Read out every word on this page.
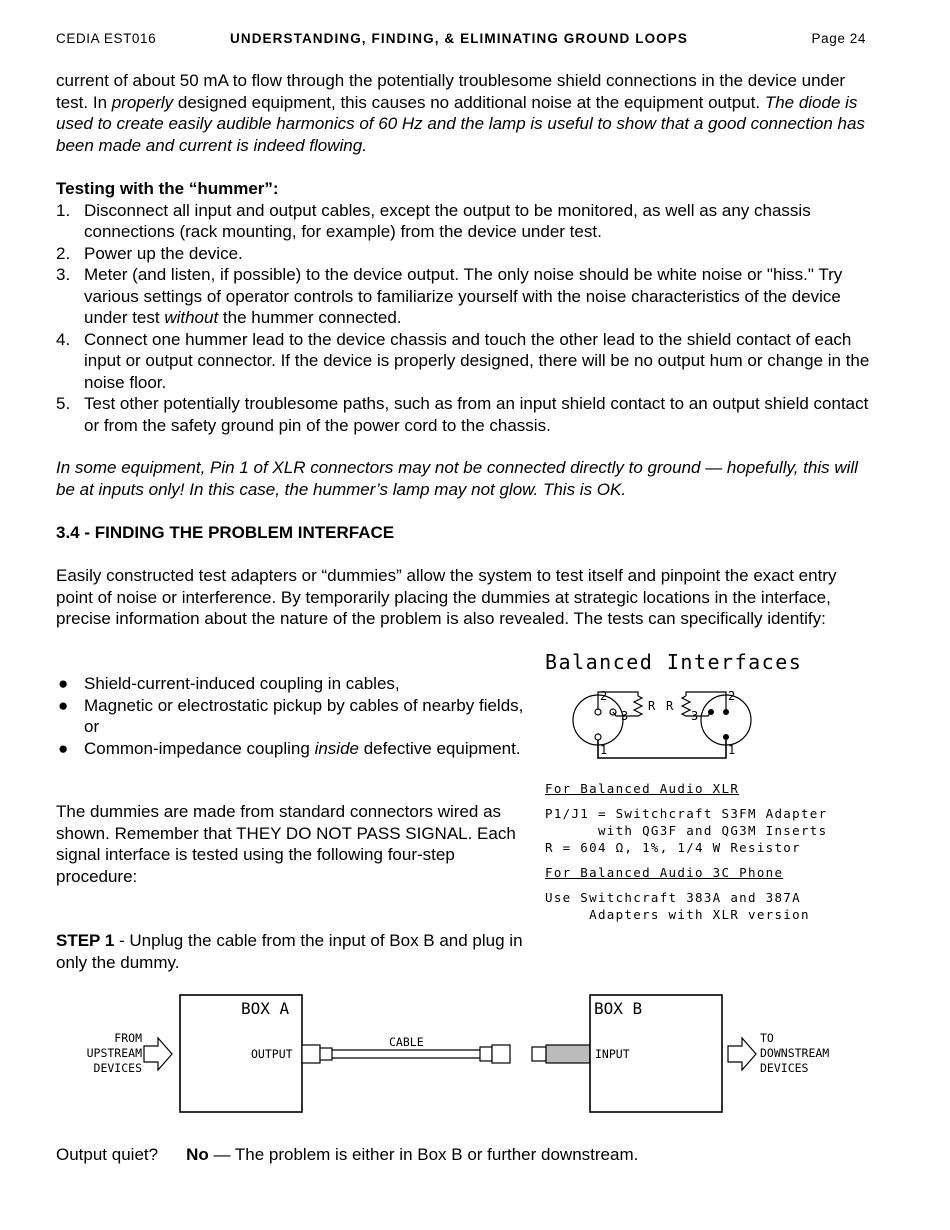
CEDIA EST016	UNDERSTANDING, FINDING, & ELIMINATING GROUND LOOPS	Page 24

current of about 50 mA to flow through the potentially troublesome shield connections in the device under test. In properly designed equipment, this causes no additional noise at the equipment output. The diode is used to create easily audible harmonics of 60 Hz and the lamp is useful to show that a good connection has been made and current is indeed flowing.

Testing with the “hummer”:

1. Disconnect all input and output cables, except the output to be monitored, as well as any chassis connections (rack mounting, for example) from the device under test.
2. Power up the device.
3. Meter (and listen, if possible) to the device output. The only noise should be white noise or "hiss." Try various settings of operator controls to familiarize yourself with the noise characteristics of the device under test without the hummer connected.
4. Connect one hummer lead to the device chassis and touch the other lead to the shield contact of each input or output connector. If the device is properly designed, there will be no output hum or change in the noise floor.
5. Test other potentially troublesome paths, such as from an input shield contact to an output shield contact or from the safety ground pin of the power cord to the chassis.

In some equipment, Pin 1 of XLR connectors may not be connected directly to ground — hopefully, this will be at inputs only! In this case, the hummer’s lamp may not glow. This is OK.

3.4 - FINDING THE PROBLEM INTERFACE

Easily constructed test adapters or “dummies” allow the system to test itself and pinpoint the exact entry point of noise or interference. By temporarily placing the dummies at strategic locations in the interface, precise information about the nature of the problem is also revealed. The tests can specifically identify:

● Shield-current-induced coupling in cables,
● Magnetic or electrostatic pickup by cables of nearby fields, or
● Common-impedance coupling inside defective equipment.

The dummies are made from standard connectors wired as shown. Remember that THEY DO NOT PASS SIGNAL. Each signal interface is tested using the following four-step procedure:

Balanced Interfaces
2
3
1
R R
2
3
1
For Balanced Audio XLR

P1/J1 = Switchcraft S3FM Adapter
with QG3F and QG3M Inserts
R = 604 Ω, 1%, 1/4 W Resistor

For Balanced Audio 3C Phone

Use Switchcraft 383A and 387A
Adapters with XLR version

STEP 1 - Unplug the cable from the input of Box B and plug in only the dummy.

FROM
UPSTREAM
DEVICES
BOX A
OUTPUT
CABLE
BOX B
INPUT
TO
DOWNSTREAM
DEVICES

Output quiet? No — The problem is either in Box B or further downstream.
